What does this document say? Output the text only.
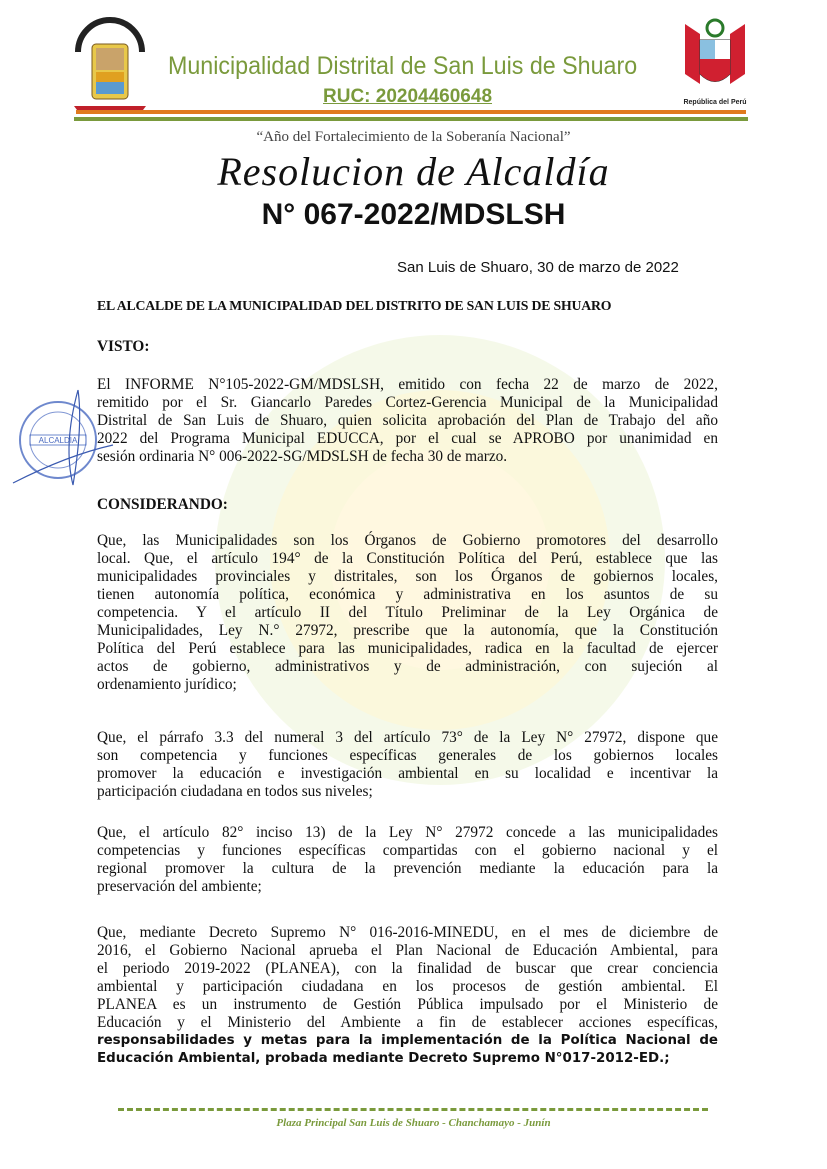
Municipalidad Distrital de San Luis de Shuaro
RUC: 20204460648	República del Perú
“Año del Fortalecimiento de la Soberanía Nacional”
Resolucion de Alcaldía
N° 067-2022/MDSLSH
San Luis de Shuaro, 30 de marzo de 2022
EL ALCALDE DE LA MUNICIPALIDAD DEL DISTRITO DE SAN LUIS DE SHUARO
VISTO:
El INFORME N°105-2022-GM/MDSLSH, emitido con fecha 22 de marzo de 2022,
remitido por el Sr. Giancarlo Paredes Cortez-Gerencia Municipal de la Municipalidad
Distrital de San Luis de Shuaro, quien solicita aprobación del Plan de Trabajo del año
2022 del Programa Municipal EDUCCA, por el cual se APROBO por unanimidad en
sesión ordinaria N° 006-2022-SG/MDSLSH de fecha 30 de marzo.
CONSIDERANDO:
Que, las Municipalidades son los Órganos de Gobierno promotores del desarrollo
local. Que, el artículo 194° de la Constitución Política del Perú, establece que las
municipalidades provinciales y distritales, son los Órganos de gobiernos locales,
tienen autonomía política, económica y administrativa en los asuntos de su
competencia. Y el artículo II del Título Preliminar de la Ley Orgánica de
Municipalidades, Ley N.° 27972, prescribe que la autonomía, que la Constitución
Política del Perú establece para las municipalidades, radica en la facultad de ejercer
actos de gobierno, administrativos y de administración, con sujeción al
ordenamiento jurídico;
Que, el párrafo 3.3 del numeral 3 del artículo 73° de la Ley N° 27972, dispone que
son competencia y funciones específicas generales de los gobiernos locales
promover la educación e investigación ambiental en su localidad e incentivar la
participación ciudadana en todos sus niveles;
Que, el artículo 82° inciso 13) de la Ley N° 27972 concede a las municipalidades
competencias y funciones específicas compartidas con el gobierno nacional y el
regional promover la cultura de la prevención mediante la educación para la
preservación del ambiente;
Que, mediante Decreto Supremo N° 016-2016-MINEDU, en el mes de diciembre de
2016, el Gobierno Nacional aprueba el Plan Nacional de Educación Ambiental, para
el periodo 2019-2022 (PLANEA), con la finalidad de buscar que crear conciencia
ambiental y participación ciudadana en los procesos de gestión ambiental. El
PLANEA es un instrumento de Gestión Pública impulsado por el Ministerio de
Educación y el Ministerio del Ambiente a fin de establecer acciones específicas,
responsabilidades y metas para la implementación de la Política Nacional de
Educación Ambiental, probada mediante Decreto Supremo N°017-2012-ED.;
ALCALDIA
Plaza Principal San Luis de Shuaro - Chanchamayo - Junín
